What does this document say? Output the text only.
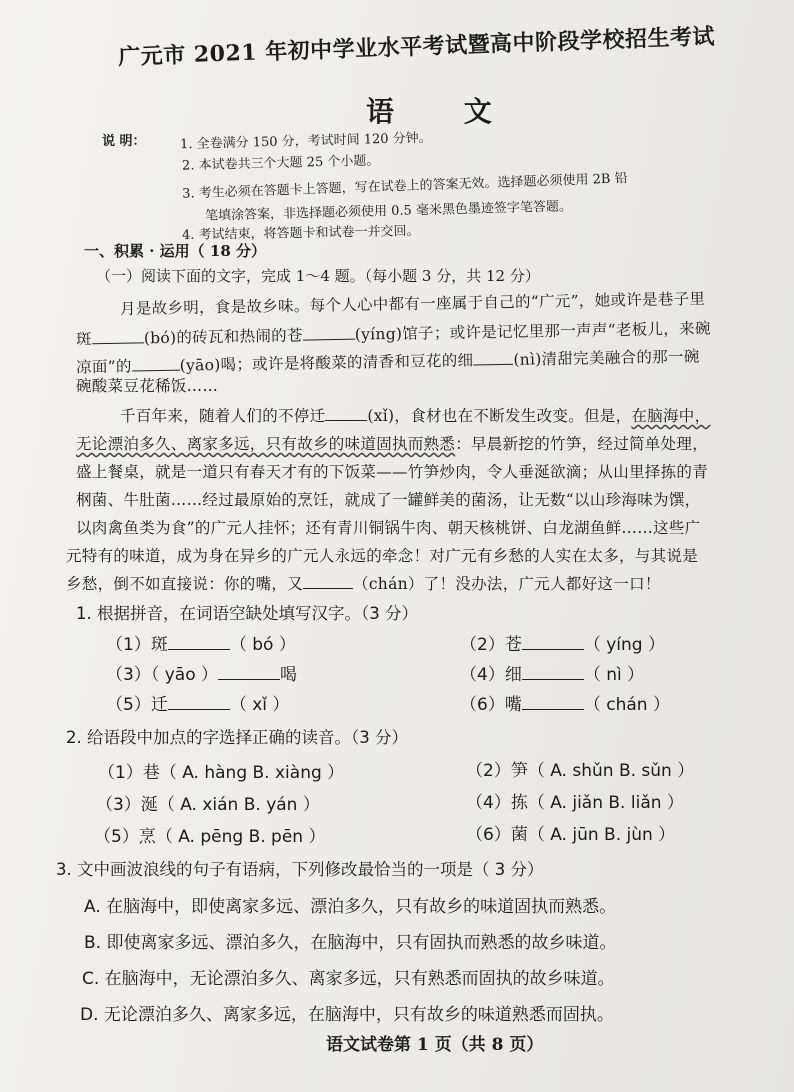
广元市 2021 年初中学业水平考试暨高中阶段学校招生考试
语 文
说 明：	1. 全卷满分 150 分，考试时间 120 分钟。
2. 本试卷共三个大题 25 个小题。
3. 考生必须在答题卡上答题，写在试卷上的答案无效。选择题必须使用 2B 铅
笔填涂答案，非选择题必须使用 0.5 毫米黑色墨迹签字笔答题。
4. 考试结束，将答题卡和试卷一并交回。
一、积累 · 运用（ 18 分）
（一）阅读下面的文字，完成 1～4 题。（每小题 3 分，共 12 分）
月是故乡明，食是故乡味。每个人心中都有一座属于自己的“广元”，她或许是巷子里
斑	(bó)的砖瓦和热闹的苍	(yíng)馆子；或许是记忆里那一声声“老板儿，来碗
凉面”的	(yāo)喝；或许是将酸菜的清香和豆花的细	(nì)清甜完美融合的那一碗
碗酸菜豆花稀饭……
千百年来，随着人们的不停迁	(xǐ)，食材也在不断发生改变。但是，在脑海中，
无论漂泊多久、离家多远，只有故乡的味道固执而熟悉：早晨新挖的竹笋，经过简单处理，
盛上餐桌，就是一道只有春天才有的下饭菜——竹笋炒肉，令人垂涎欲滴；从山里择拣的青
㭎菌、牛肚菌……经过最原始的烹饪，就成了一罐鲜美的菌汤，让无数“以山珍海味为馔，
以肉禽鱼类为食”的广元人挂怀；还有青川铜锅牛肉、朝天核桃饼、白龙湖鱼鲜……这些广
元特有的味道，成为身在异乡的广元人永远的牵念！对广元有乡愁的人实在太多，与其说是
乡愁，倒不如直接说：你的嘴，又	（chán）了！没办法，广元人都好这一口！
1. 根据拼音，在词语空缺处填写汉字。（3 分）
（1）斑	（ bó ）	（2）苍	（ yíng ）
（3）（ yāo ）	喝	（4）细	（ nì ）
（5）迁	（ xǐ ）	（6）嘴	（ chán ）
2. 给语段中加点的字选择正确的读音。（3 分）
（1）巷（ A. hàng B. xiàng ）	（2）笋（ A. shǔn B. sǔn ）
（3）涎（ A. xián B. yán ）	（4）拣（ A. jiǎn B. liǎn ）
（5）烹（ A. pēng B. pēn ）	（6）菌（ A. jūn B. jùn ）
3. 文中画波浪线的句子有语病，下列修改最恰当的一项是（ 3 分）
A. 在脑海中，即使离家多远、漂泊多久，只有故乡的味道固执而熟悉。
B. 即使离家多远、漂泊多久，在脑海中，只有固执而熟悉的故乡味道。
C. 在脑海中，无论漂泊多久、离家多远，只有熟悉而固执的故乡味道。
D. 无论漂泊多久、离家多远，在脑海中，只有故乡的味道熟悉而固执。
语文试卷第 1 页（共 8 页）
